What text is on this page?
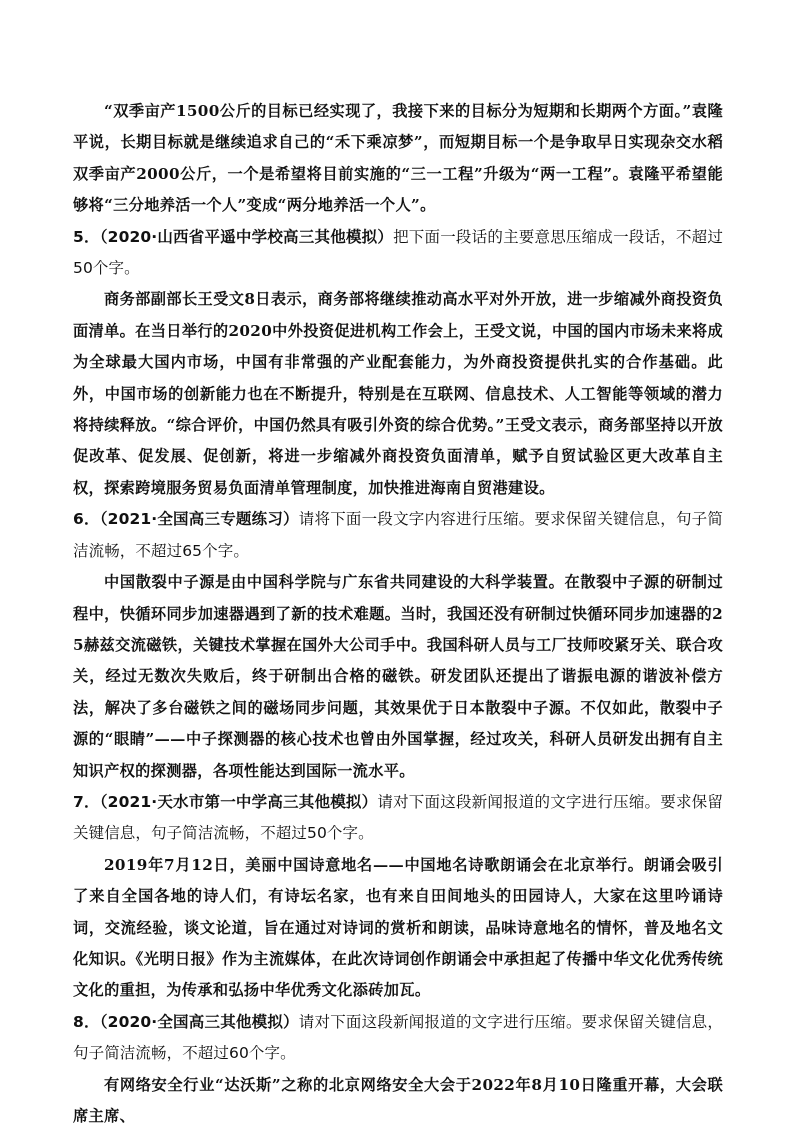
“双季亩产1500公斤的目标已经实现了，我接下来的目标分为短期和长期两个方面。”袁隆平说，长期目标就是继续追求自己的“禾下乘凉梦”，而短期目标一个是争取早日实现杂交水稻双季亩产2000公斤，一个是希望将目前实施的“三一工程”升级为“两一工程”。袁隆平希望能够将“三分地养活一个人”变成“两分地养活一个人”。

5．（2020·山西省平遥中学校高三其他模拟）把下面一段话的主要意思压缩成一段话，不超过50个字。

商务部副部长王受文8日表示，商务部将继续推动高水平对外开放，进一步缩减外商投资负面清单。在当日举行的2020中外投资促进机构工作会上，王受文说，中国的国内市场未来将成为全球最大国内市场，中国有非常强的产业配套能力，为外商投资提供扎实的合作基础。此外，中国市场的创新能力也在不断提升，特别是在互联网、信息技术、人工智能等领域的潜力将持续释放。“综合评价，中国仍然具有吸引外资的综合优势。”王受文表示，商务部坚持以开放促改革、促发展、促创新，将进一步缩减外商投资负面清单，赋予自贸试验区更大改革自主权，探索跨境服务贸易负面清单管理制度，加快推进海南自贸港建设。

6．（2021·全国高三专题练习）请将下面一段文字内容进行压缩。要求保留关键信息，句子简洁流畅，不超过65个字。

中国散裂中子源是由中国科学院与广东省共同建设的大科学装置。在散裂中子源的研制过程中，快循环同步加速器遇到了新的技术难题。当时，我国还没有研制过快循环同步加速器的25赫兹交流磁铁，关键技术掌握在国外大公司手中。我国科研人员与工厂技师咬紧牙关、联合攻关，经过无数次失败后，终于研制出合格的磁铁。研发团队还提出了谐振电源的谐波补偿方法，解决了多台磁铁之间的磁场同步问题，其效果优于日本散裂中子源。不仅如此，散裂中子源的“眼睛”——中子探测器的核心技术也曾由外国掌握，经过攻关，科研人员研发出拥有自主知识产权的探测器，各项性能达到国际一流水平。

7．（2021·天水市第一中学高三其他模拟）请对下面这段新闻报道的文字进行压缩。要求保留关键信息，句子简洁流畅，不超过50个字。

2019年7月12日，美丽中国诗意地名——中国地名诗歌朗诵会在北京举行。朗诵会吸引了来自全国各地的诗人们，有诗坛名家，也有来自田间地头的田园诗人，大家在这里吟诵诗词，交流经验，谈文论道，旨在通过对诗词的赏析和朗读，品味诗意地名的情怀，普及地名文化知识。《光明日报》作为主流媒体，在此次诗词创作朗诵会中承担起了传播中华文化优秀传统文化的重担，为传承和弘扬中华优秀文化添砖加瓦。

8．（2020·全国高三其他模拟）请对下面这段新闻报道的文字进行压缩。要求保留关键信息，句子简洁流畅，不超过60个字。

有网络安全行业“达沃斯”之称的北京网络安全大会于2022年8月10日隆重开幕，大会联席主席、
